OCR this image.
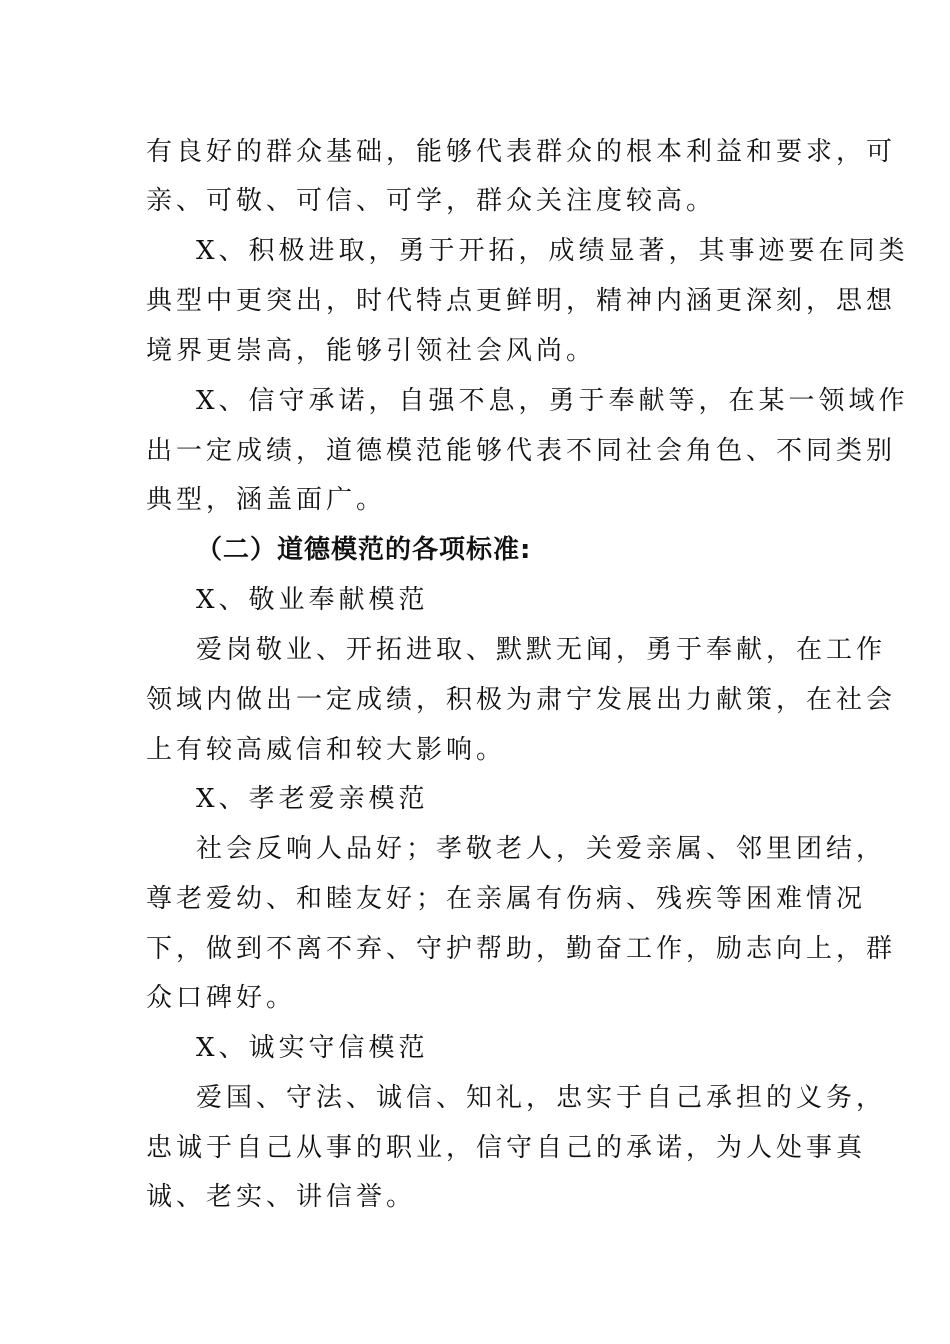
有良好的群众基础，能够代表群众的根本利益和要求，可
亲、可敬、可信、可学，群众关注度较高。
X、积极进取，勇于开拓，成绩显著，其事迹要在同类
典型中更突出，时代特点更鲜明，精神内涵更深刻，思想
境界更崇高，能够引领社会风尚。
X、信守承诺，自强不息，勇于奉献等，在某一领域作
出一定成绩，道德模范能够代表不同社会角色、不同类别
典型，涵盖面广。
（二）道德模范的各项标准:
X、敬业奉献模范
爱岗敬业、开拓进取、默默无闻，勇于奉献，在工作
领域内做出一定成绩，积极为肃宁发展出力献策，在社会
上有较高威信和较大影响。
X、孝老爱亲模范
社会反响人品好；孝敬老人，关爱亲属、邻里团结，
尊老爱幼、和睦友好；在亲属有伤病、残疾等困难情况
下，做到不离不弃、守护帮助，勤奋工作，励志向上，群
众口碑好。
X、诚实守信模范
爱国、守法、诚信、知礼，忠实于自己承担的义务，
忠诚于自己从事的职业，信守自己的承诺，为人处事真
诚、老实、讲信誉。
